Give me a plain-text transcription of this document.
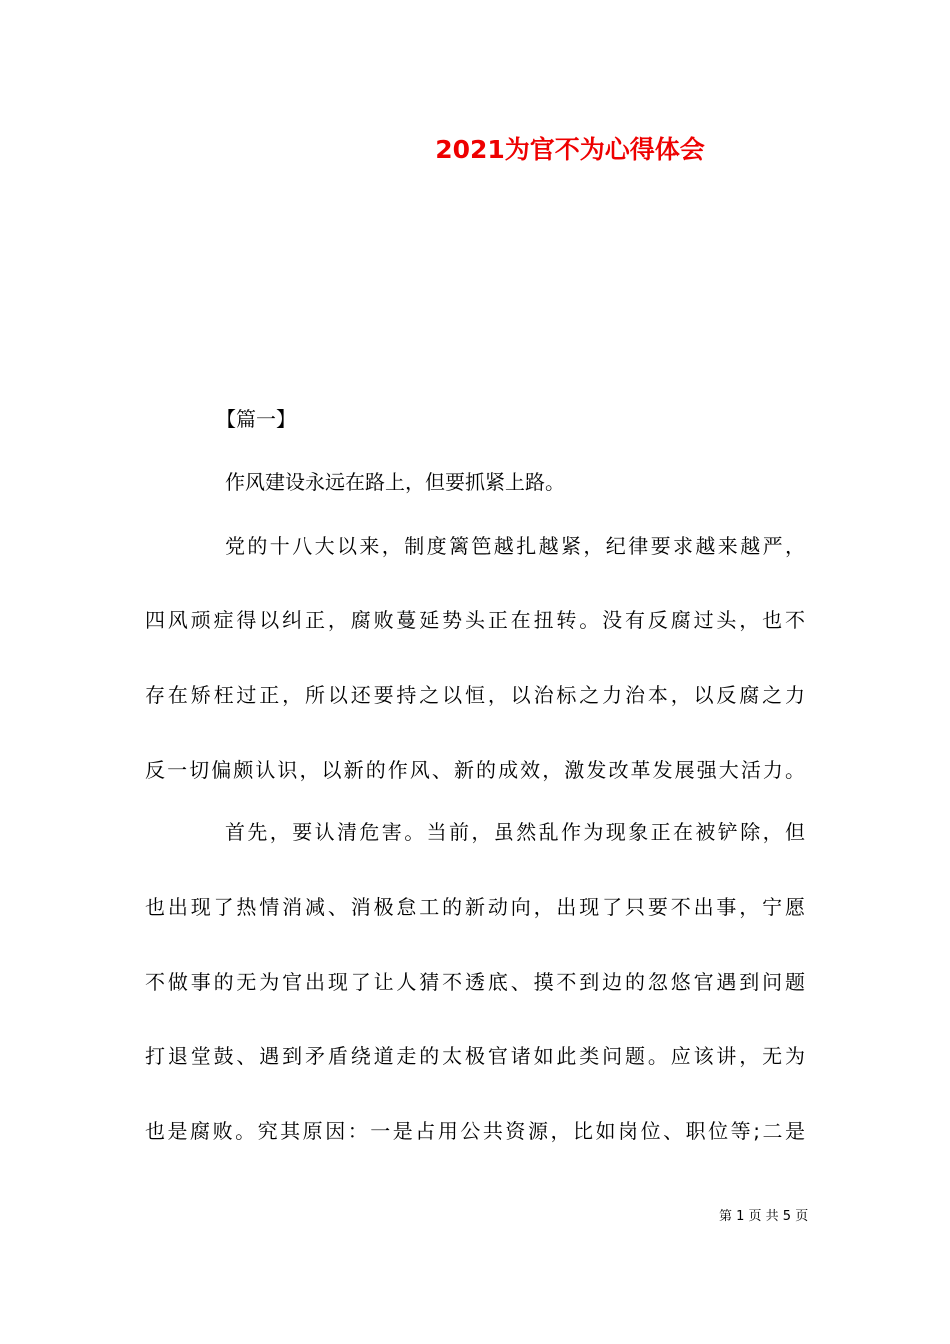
2021为官不为心得体会
【篇一】
作风建设永远在路上，但要抓紧上路。
党的十八大以来，制度篱笆越扎越紧，纪律要求越来越严，
四风顽症得以纠正，腐败蔓延势头正在扭转。没有反腐过头，也不
存在矫枉过正，所以还要持之以恒，以治标之力治本，以反腐之力
反一切偏颇认识，以新的作风、新的成效，激发改革发展强大活力。
首先，要认清危害。当前，虽然乱作为现象正在被铲除，但
也出现了热情消减、消极怠工的新动向，出现了只要不出事，宁愿
不做事的无为官出现了让人猜不透底、摸不到边的忽悠官遇到问题
打退堂鼓、遇到矛盾绕道走的太极官诸如此类问题。应该讲，无为
也是腐败。究其原因：一是占用公共资源，比如岗位、职位等;二是
第 1 页 共 5 页
